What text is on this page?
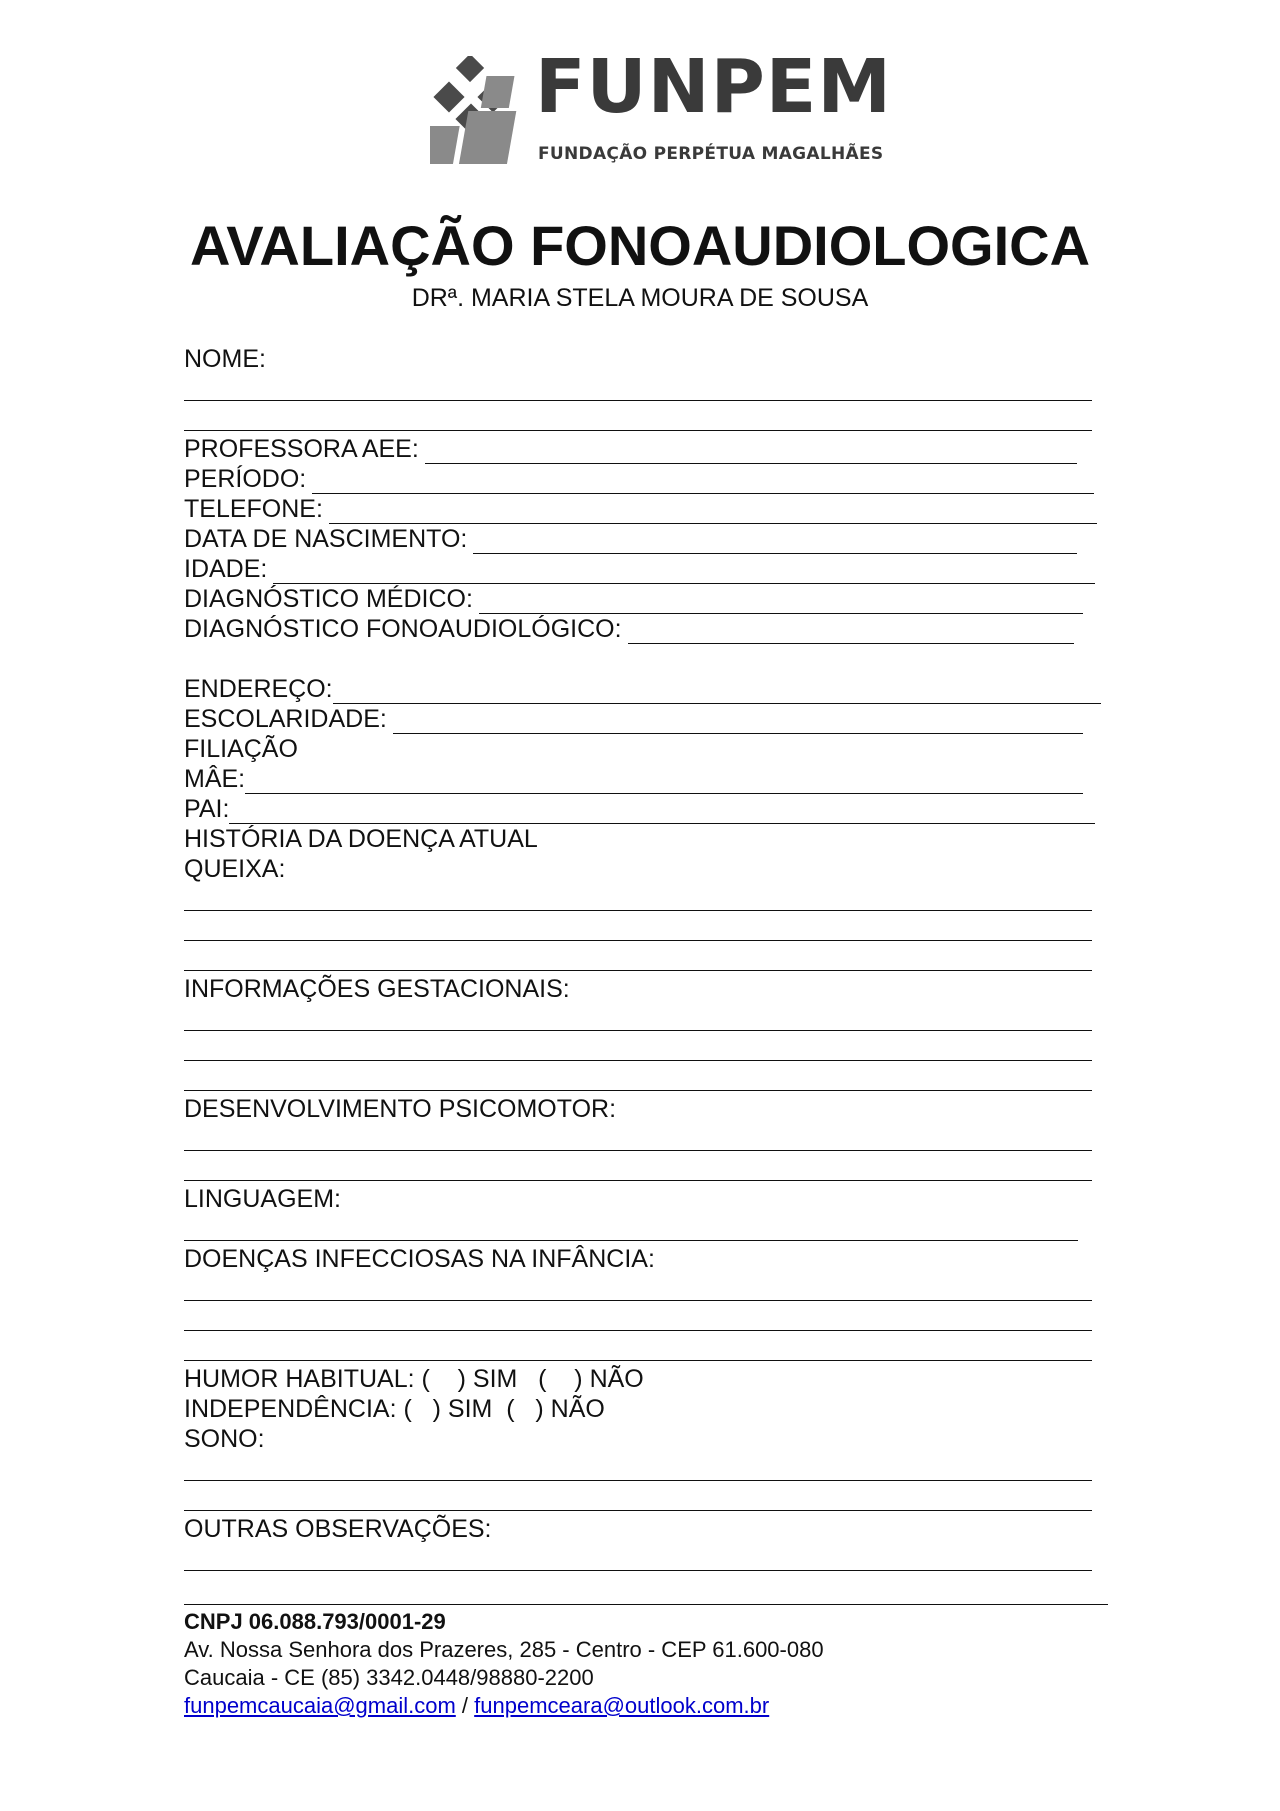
FUNPEM
FUNDAÇÃO PERPÉTUA MAGALHÃES
AVALIAÇÃO FONOAUDIOLOGICA
DRª. MARIA STELA MOURA DE SOUSA
NOME:
PROFESSORA AEE:
PERÍODO:
TELEFONE:
DATA DE NASCIMENTO:
IDADE:
DIAGNÓSTICO MÉDICO:
DIAGNÓSTICO FONOAUDIOLÓGICO:
ENDEREÇO:
ESCOLARIDADE:
FILIAÇÃO
MÂE:
PAI:
HISTÓRIA DA DOENÇA ATUAL
QUEIXA:
INFORMAÇÕES GESTACIONAIS:
DESENVOLVIMENTO PSICOMOTOR:
LINGUAGEM:
DOENÇAS INFECCIOSAS NA INFÂNCIA:
HUMOR HABITUAL: (    ) SIM   (    ) NÃO
INDEPENDÊNCIA: (   ) SIM  (   ) NÃO
SONO:
OUTRAS OBSERVAÇÕES:
CNPJ 06.088.793/0001-29
Av. Nossa Senhora dos Prazeres, 285 - Centro - CEP 61.600-080
Caucaia - CE (85) 3342.0448/98880-2200
funpemcaucaia@gmail.com / funpemceara@outlook.com.br
